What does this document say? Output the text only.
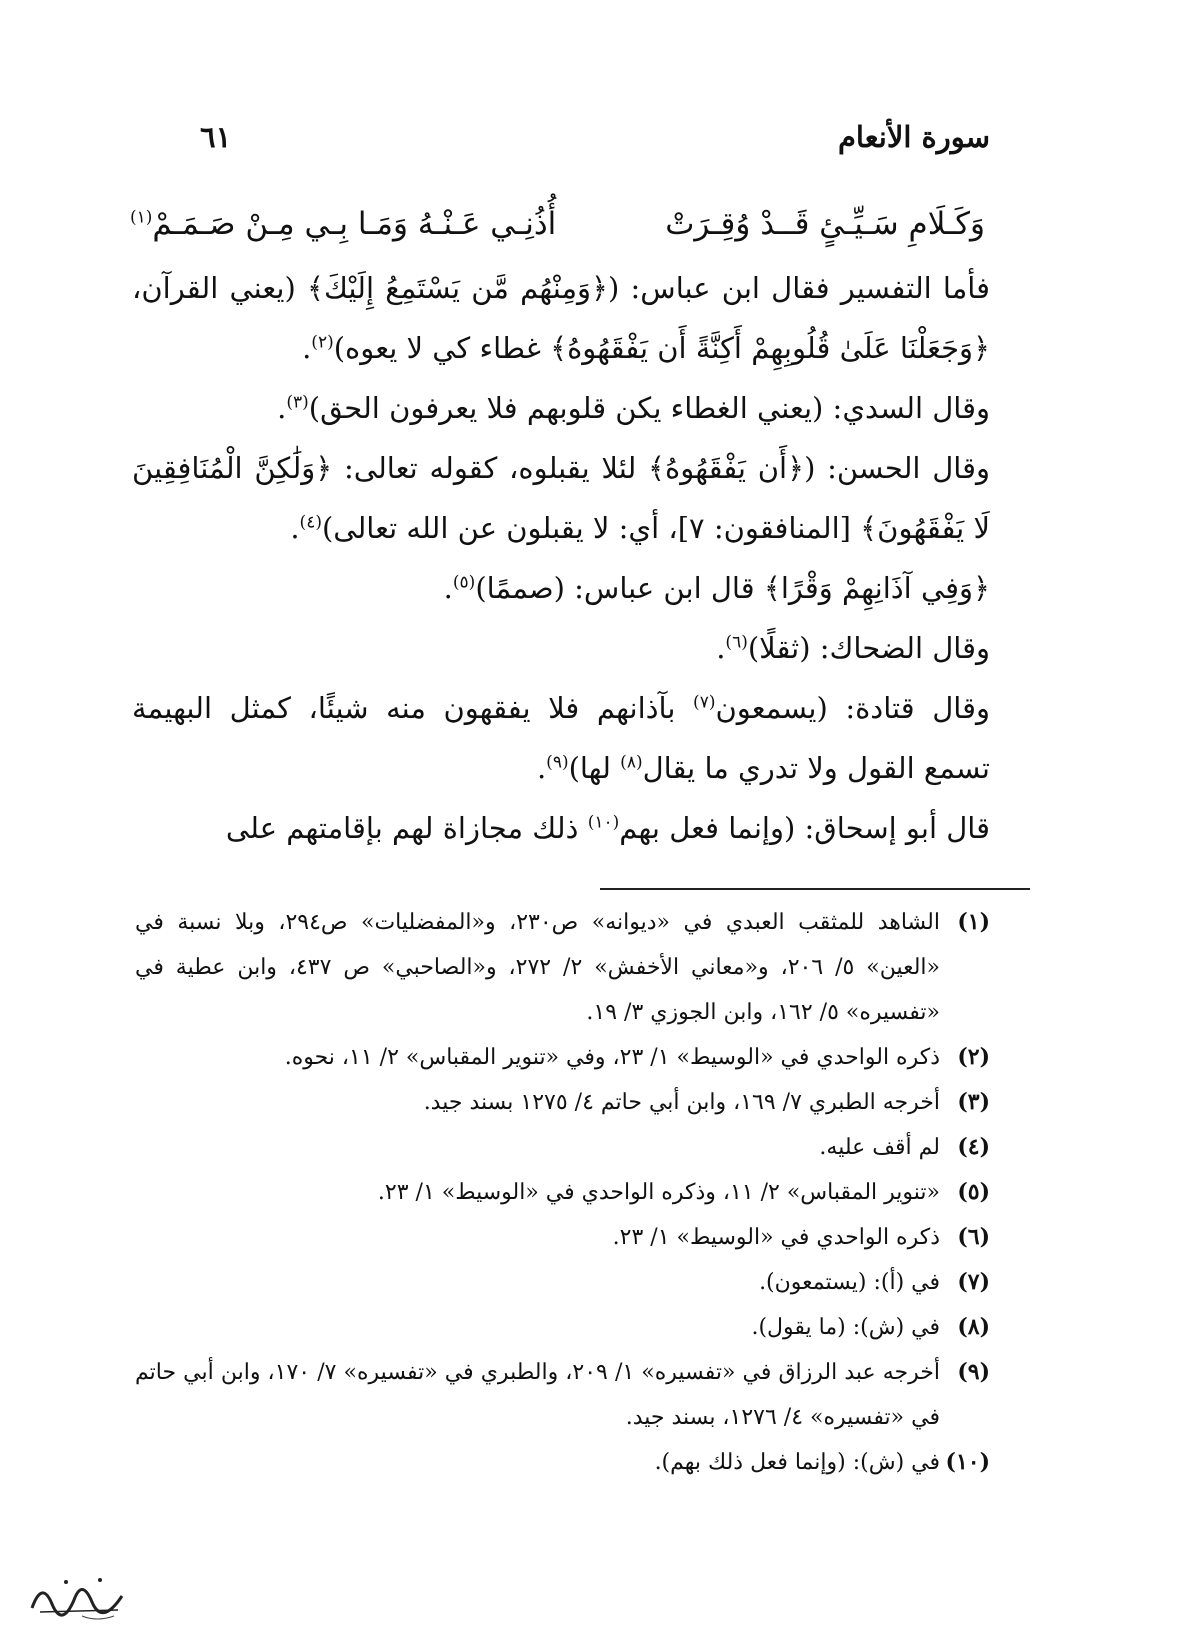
سورة الأنعام
٦١
وَكَـلَامِ سَـيِّـئٍ قَــدْ وُقِـرَتْ
أُذُنِـي عَـنْـهُ وَمَـا بِـي مِـنْ صَـمَـمْ$^{(١)}$

فأما التفسير فقال ابن عباس: (﴿وَمِنْهُم مَّن يَسْتَمِعُ إِلَيْكَ﴾ (يعني القرآن، ﴿وَجَعَلْنَا عَلَىٰ قُلُوبِهِمْ أَكِنَّةً أَن يَفْقَهُوهُ﴾ غطاء كي لا يعوه)$^{(٢)}$.

وقال السدي: (يعني الغطاء يكن قلوبهم فلا يعرفون الحق)$^{(٣)}$.

وقال الحسن: (﴿أَن يَفْقَهُوهُ﴾ لئلا يقبلوه، كقوله تعالى: ﴿وَلَٰكِنَّ الْمُنَافِقِينَ لَا يَفْقَهُونَ﴾ [المنافقون: ٧]، أي: لا يقبلون عن الله تعالى)$^{(٤)}$.

﴿وَفِي آذَانِهِمْ وَقْرًا﴾ قال ابن عباس: (صممًا)$^{(٥)}$.

وقال الضحاك: (ثقلًا)$^{(٦)}$.

وقال قتادة: (يسمعون$^{(٧)}$ بآذانهم فلا يفقهون منه شيئًا، كمثل البهيمة تسمع القول ولا تدري ما يقال$^{(٨)}$ لها)$^{(٩)}$.

قال أبو إسحاق: (وإنما فعل بهم$^{(١٠)}$ ذلك مجازاة لهم بإقامتهم على

(١)
الشاهد للمثقب العبدي في «ديوانه» ص٢٣٠، و«المفضليات» ص٢٩٤، وبلا نسبة في «العين» ٥/ ٢٠٦، و«معاني الأخفش» ٢/ ٢٧٢، و«الصاحبي» ص ٤٣٧، وابن عطية في «تفسيره» ٥/ ١٦٢، وابن الجوزي ٣/ ١٩.
(٢)
ذكره الواحدي في «الوسيط» ١/ ٢٣، وفي «تنوير المقباس» ٢/ ١١، نحوه.
(٣)
أخرجه الطبري ٧/ ١٦٩، وابن أبي حاتم ٤/ ١٢٧٥ بسند جيد.
(٤)
لم أقف عليه.
(٥)
«تنوير المقباس» ٢/ ١١، وذكره الواحدي في «الوسيط» ١/ ٢٣.
(٦)
ذكره الواحدي في «الوسيط» ١/ ٢٣.
(٧)
في (أ): (يستمعون).
(٨)
في (ش): (ما يقول).
(٩)
أخرجه عبد الرزاق في «تفسيره» ١/ ٢٠٩، والطبري في «تفسيره» ٧/ ١٧٠، وابن أبي حاتم في «تفسيره» ٤/ ١٢٧٦، بسند جيد.
(١٠)
في (ش): (وإنما فعل ذلك بهم).
